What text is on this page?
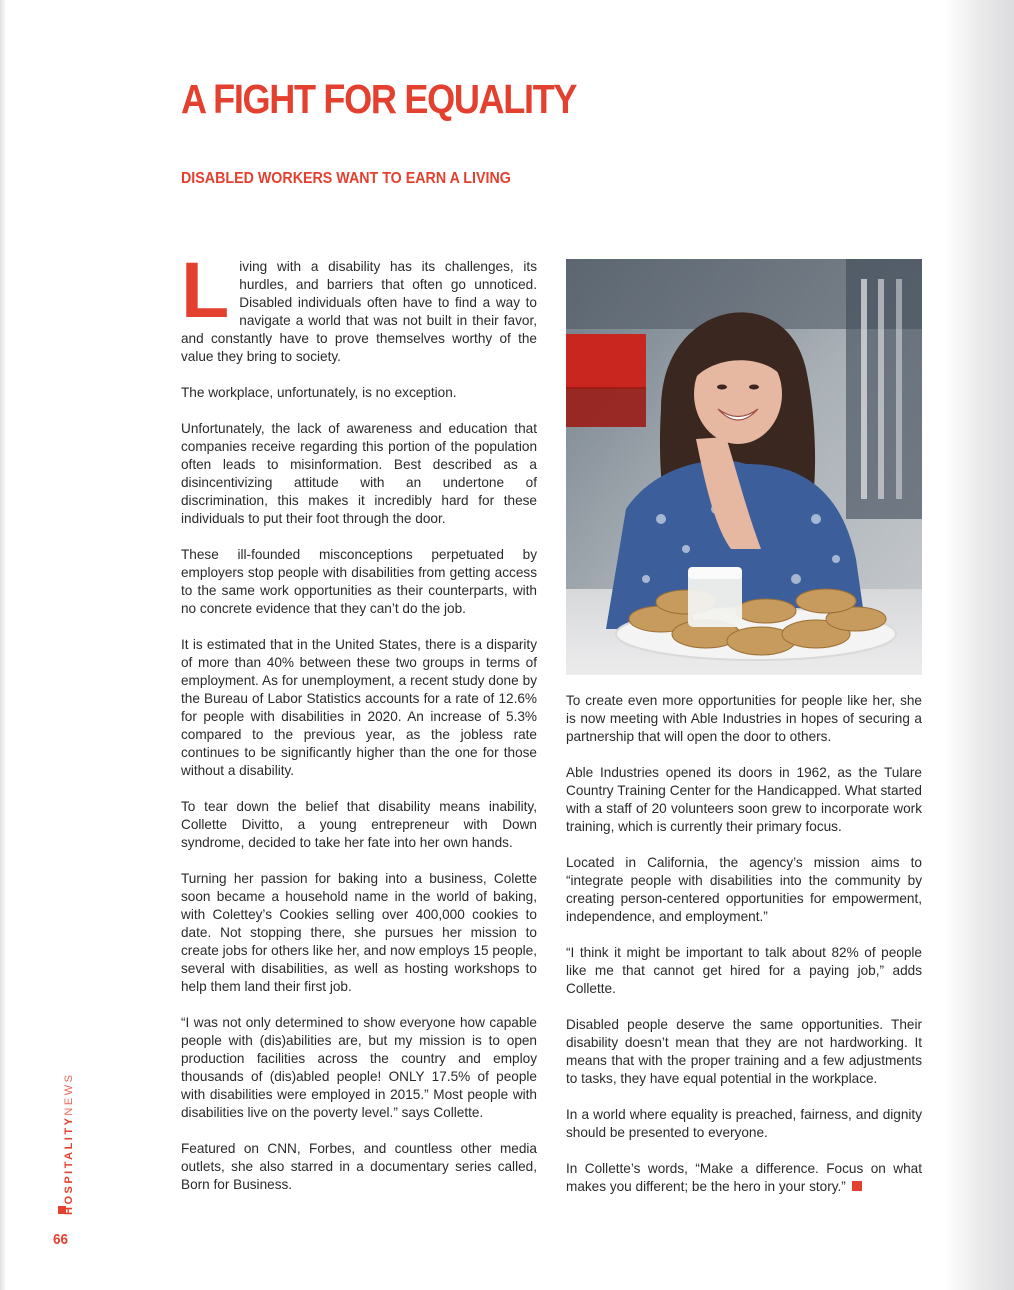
A FIGHT FOR EQUALITY
DISABLED WORKERS WANT TO EARN A LIVING

Living with a disability has its challenges, its hurdles, and barriers that often go unnoticed. Disabled individuals often have to find a way to navigate a world that was not built in their favor, and constantly have to prove themselves worthy of the value they bring to society.

The workplace, unfortunately, is no exception.

Unfortunately, the lack of awareness and education that companies receive regarding this portion of the population often leads to misinformation. Best described as a disincentivizing attitude with an undertone of discrimination, this makes it incredibly hard for these individuals to put their foot through the door.

These ill-founded misconceptions perpetuated by employers stop people with disabilities from getting access to the same work opportunities as their counterparts, with no concrete evidence that they can’t do the job.

It is estimated that in the United States, there is a disparity of more than 40% between these two groups in terms of employment. As for unemployment, a recent study done by the Bureau of Labor Statistics accounts for a rate of 12.6% for people with disabilities in 2020. An increase of 5.3% compared to the previous year, as the jobless rate continues to be significantly higher than the one for those without a disability.

To tear down the belief that disability means inability, Collette Divitto, a young entrepreneur with Down syndrome, decided to take her fate into her own hands.

Turning her passion for baking into a business, Colette soon became a household name in the world of baking, with Colettey’s Cookies selling over 400,000 cookies to date. Not stopping there, she pursues her mission to create jobs for others like her, and now employs 15 people, several with disabilities, as well as hosting workshops to help them land their first job.

“I was not only determined to show everyone how capable people with (dis)abilities are, but my mission is to open production facilities across the country and employ thousands of (dis)abled people! ONLY 17.5% of people with disabilities were employed in 2015.” Most people with disabilities live on the poverty level.” says Collette.

Featured on CNN, Forbes, and countless other media outlets, she also starred in a documentary series called, Born for Business.

To create even more opportunities for people like her, she is now meeting with Able Industries in hopes of securing a partnership that will open the door to others.

Able Industries opened its doors in 1962, as the Tulare Country Training Center for the Handicapped. What started with a staff of 20 volunteers soon grew to incorporate work training, which is currently their primary focus.

Located in California, the agency’s mission aims to “integrate people with disabilities into the community by creating person-centered opportunities for empowerment, independence, and employment.”

“I think it might be important to talk about 82% of people like me that cannot get hired for a paying job,” adds Collette.

Disabled people deserve the same opportunities. Their disability doesn’t mean that they are not hardworking. It means that with the proper training and a few adjustments to tasks, they have equal potential in the workplace.

In a world where equality is preached, fairness, and dignity should be presented to everyone.

In Collette’s words, “Make a difference. Focus on what makes you different; be the hero in your story.”

HOSPITALITYNEWS
66
